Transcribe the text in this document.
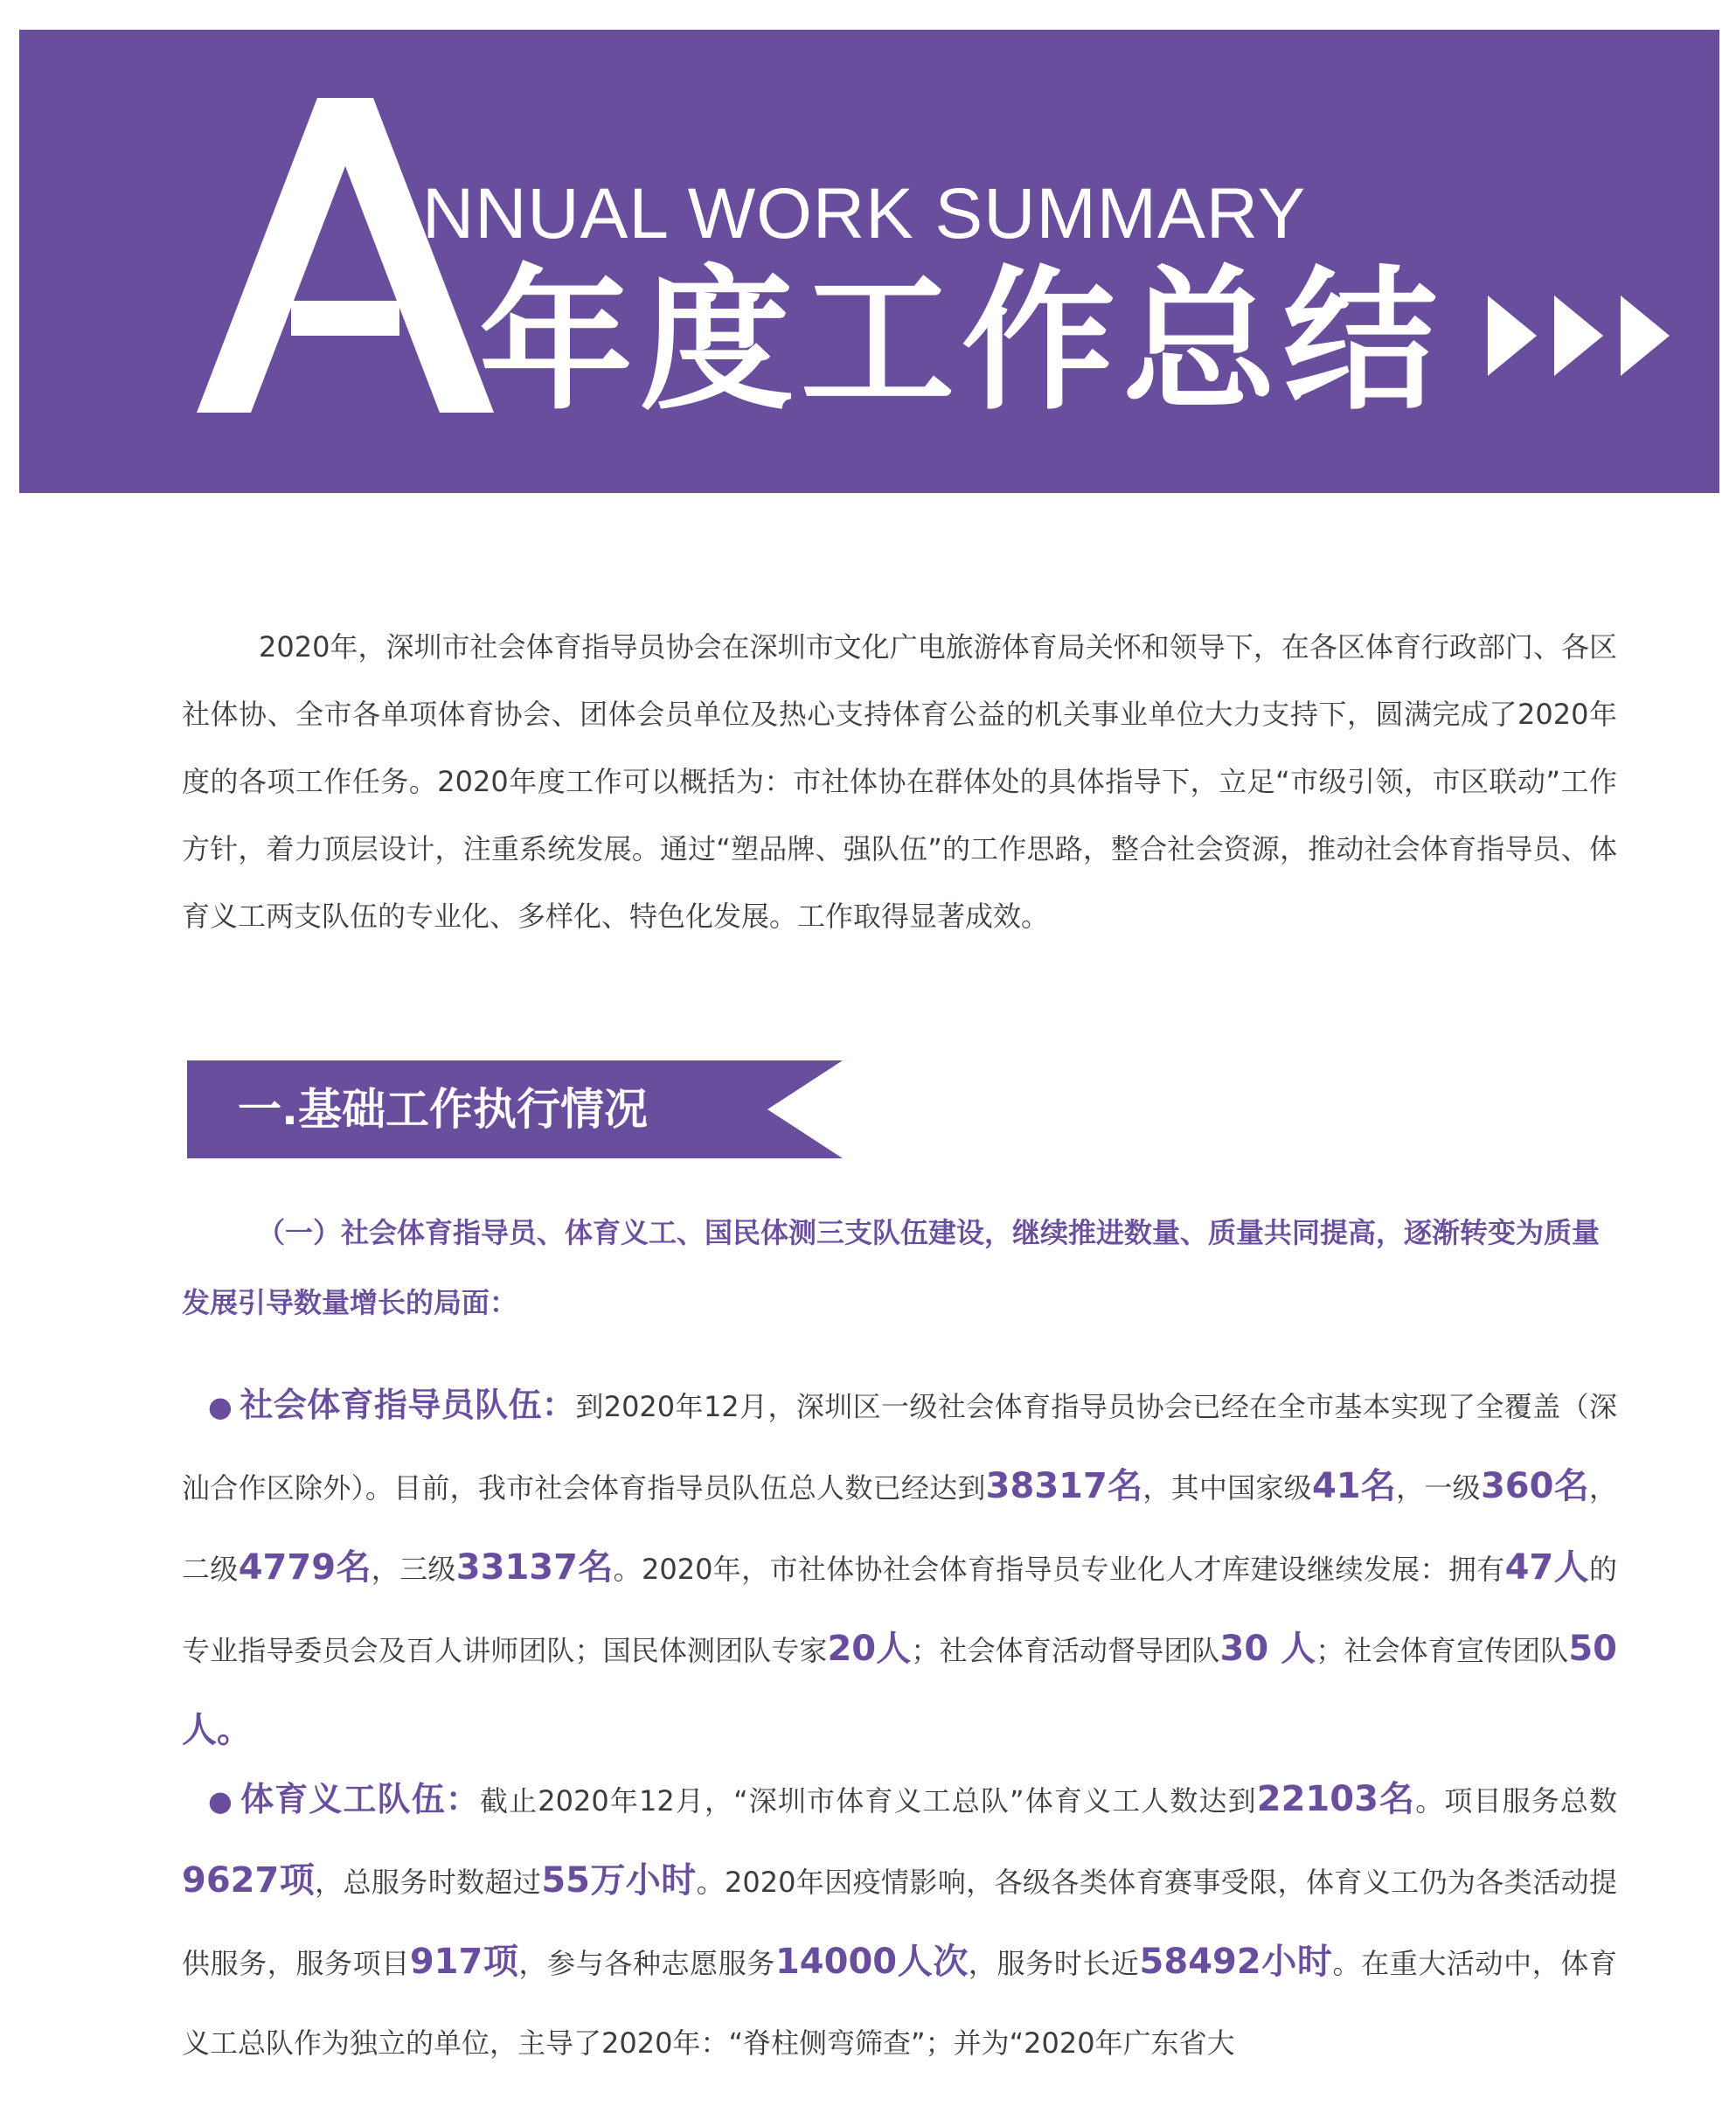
NNUAL WORK SUMMARY
年度工作总结

2020年，深圳市社会体育指导员协会在深圳市文化广电旅游体育局关怀和领导下，在各区体育行政部门、各区社体协、全市各单项体育协会、团体会员单位及热心支持体育公益的机关事业单位大力支持下，圆满完成了2020年度的各项工作任务。2020年度工作可以概括为：市社体协在群体处的具体指导下，立足“市级引领，市区联动”工作方针，着力顶层设计，注重系统发展。通过“塑品牌、强队伍”的工作思路，整合社会资源，推动社会体育指导员、体育义工两支队伍的专业化、多样化、特色化发展。工作取得显著成效。

一.基础工作执行情况

（一）社会体育指导员、体育义工、国民体测三支队伍建设，继续推进数量、质量共同提高，逐渐转变为质量发展引导数量增长的局面：

● 社会体育指导员队伍：到2020年12月，深圳区一级社会体育指导员协会已经在全市基本实现了全覆盖（深汕合作区除外）。目前，我市社会体育指导员队伍总人数已经达到38317名，其中国家级41名，一级360名，二级4779名，三级33137名。2020年，市社体协社会体育指导员专业化人才库建设继续发展：拥有47人的专业指导委员会及百人讲师团队；国民体测团队专家20人；社会体育活动督导团队30 人；社会体育宣传团队50人。

● 体育义工队伍：截止2020年12月，“深圳市体育义工总队”体育义工人数达到22103名。项目服务总数9627项，总服务时数超过55万小时。2020年因疫情影响，各级各类体育赛事受限，体育义工仍为各类活动提供服务，服务项目917项，参与各种志愿服务14000人次，服务时长近58492小时。在重大活动中，体育义工总队作为独立的单位，主导了2020年：“脊柱侧弯筛查”；并为“2020年广东省大
